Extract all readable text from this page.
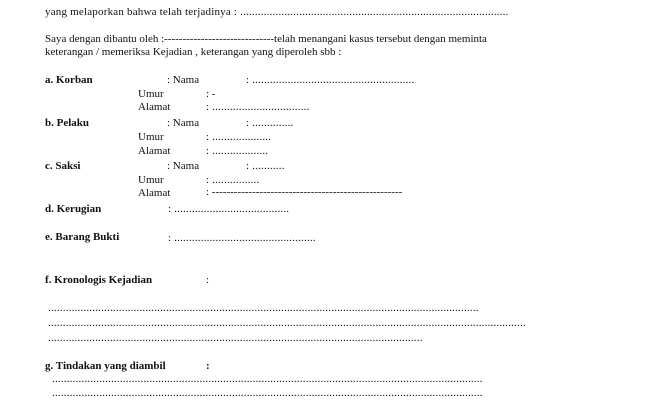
yang melaporkan bahwa telah terjadinya : ...........................................................................................
Saya dengan dibantu oleh :------------------------------telah menangani kasus tersebut dengan meminta
keterangan / memeriksa Kejadian , keterangan yang diperoleh sbb :
a. Korban	: Nama	: .......................................................
Umur	: -
Alamat	: .................................
b. Pelaku	: Nama	: ..............
Umur	: ....................
Alamat	: ...................
c. Saksi	: Nama	: ...........
Umur	: ................
Alamat	: ----------------------------------------------------
d. Kerugian	: .......................................
e. Barang Bukti	: ................................................
f. Kronologis Kejadian	:
..................................................................................................................................................
..................................................................................................................................................................
...............................................................................................................................
g. Tindakan yang diambil	:
..................................................................................................................................................
..................................................................................................................................................
